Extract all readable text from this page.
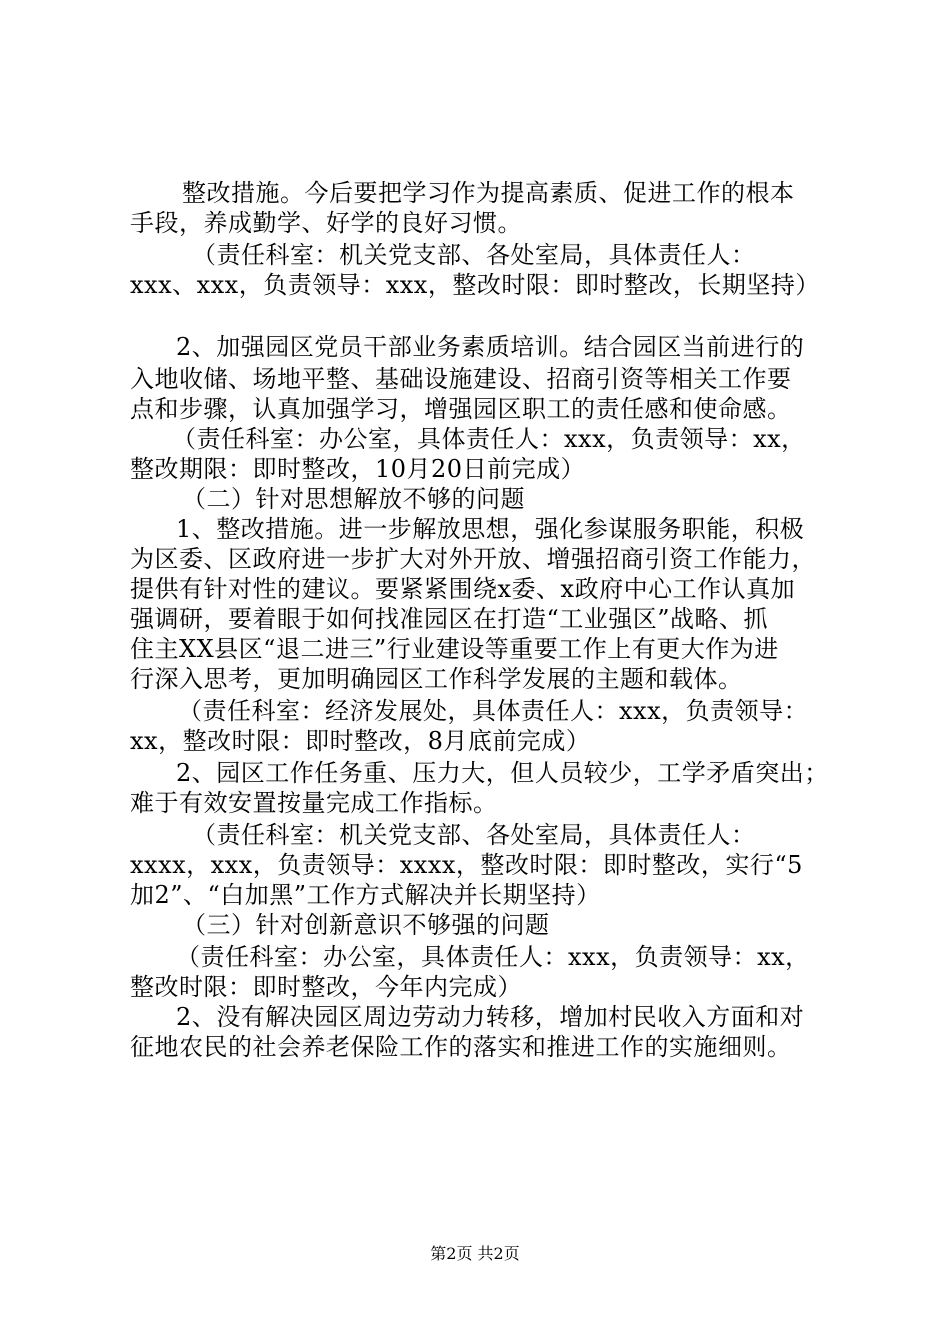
整改措施。今后要把学习作为提高素质、促进工作的根本
手段，养成勤学、好学的良好习惯。
（责任科室：机关党支部、各处室局，具体责任人：
xxx、xxx，负责领导：xxx，整改时限：即时整改，长期坚持）
2、加强园区党员干部业务素质培训。结合园区当前进行的
入地收储、场地平整、基础设施建设、招商引资等相关工作要
点和步骤，认真加强学习，增强园区职工的责任感和使命感。
（责任科室：办公室，具体责任人：xxx，负责领导：xx，
整改期限：即时整改，10月20日前完成）
（二）针对思想解放不够的问题
1、整改措施。进一步解放思想，强化参谋服务职能，积极
为区委、区政府进一步扩大对外开放、增强招商引资工作能力，
提供有针对性的建议。要紧紧围绕x委、x政府中心工作认真加
强调研，要着眼于如何找准园区在打造“工业强区”战略、抓
住主XX县区“退二进三”行业建设等重要工作上有更大作为进
行深入思考，更加明确园区工作科学发展的主题和载体。
（责任科室：经济发展处，具体责任人：xxx，负责领导：
xx，整改时限：即时整改，8月底前完成）
2、园区工作任务重、压力大，但人员较少，工学矛盾突出；
难于有效安置按量完成工作指标。
（责任科室：机关党支部、各处室局，具体责任人：
xxxx，xxx，负责领导：xxxx，整改时限：即时整改，实行“5
加2”、“白加黑”工作方式解决并长期坚持）
（三）针对创新意识不够强的问题
（责任科室：办公室，具体责任人：xxx，负责领导：xx，
整改时限：即时整改，今年内完成）
2、没有解决园区周边劳动力转移，增加村民收入方面和对
征地农民的社会养老保险工作的落实和推进工作的实施细则。
第2页 共2页
